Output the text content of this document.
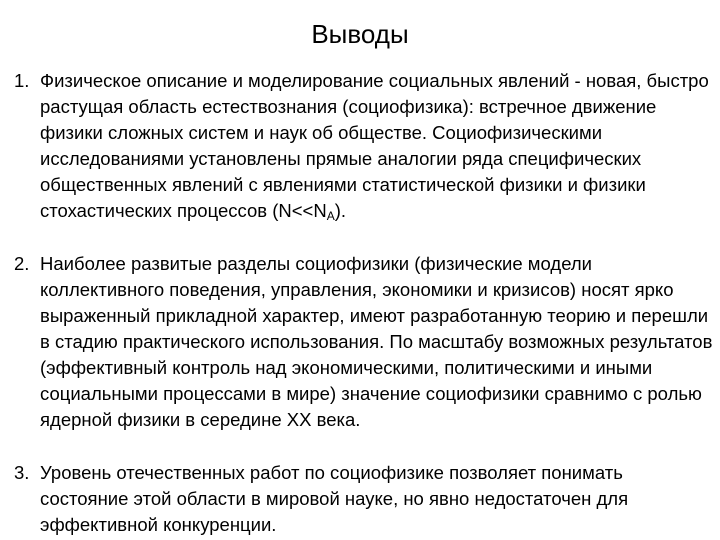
Выводы
1. Физическое описание и моделирование социальных явлений - новая, быстро растущая область естествознания (социофизика): встречное движение физики сложных систем и наук об обществе. Социофизическими исследованиями установлены прямые аналогии ряда специфических общественных явлений с явлениями статистической физики и физики стохастических процессов $(N<<N_A)$.
2. Наиболее развитые разделы социофизики (физические модели коллективного поведения, управления, экономики и кризисов) носят ярко выраженный прикладной характер, имеют разработанную теорию и перешли в стадию практического использования. По масштабу возможных результатов (эффективный контроль над экономическими, политическими и иными социальными процессами в мире) значение социофизики сравнимо с ролью ядерной физики в середине XX века.
3. Уровень отечественных работ по социофизике позволяет понимать состояние этой области в мировой науке, но явно недостаточен для эффективной конкуренции.
